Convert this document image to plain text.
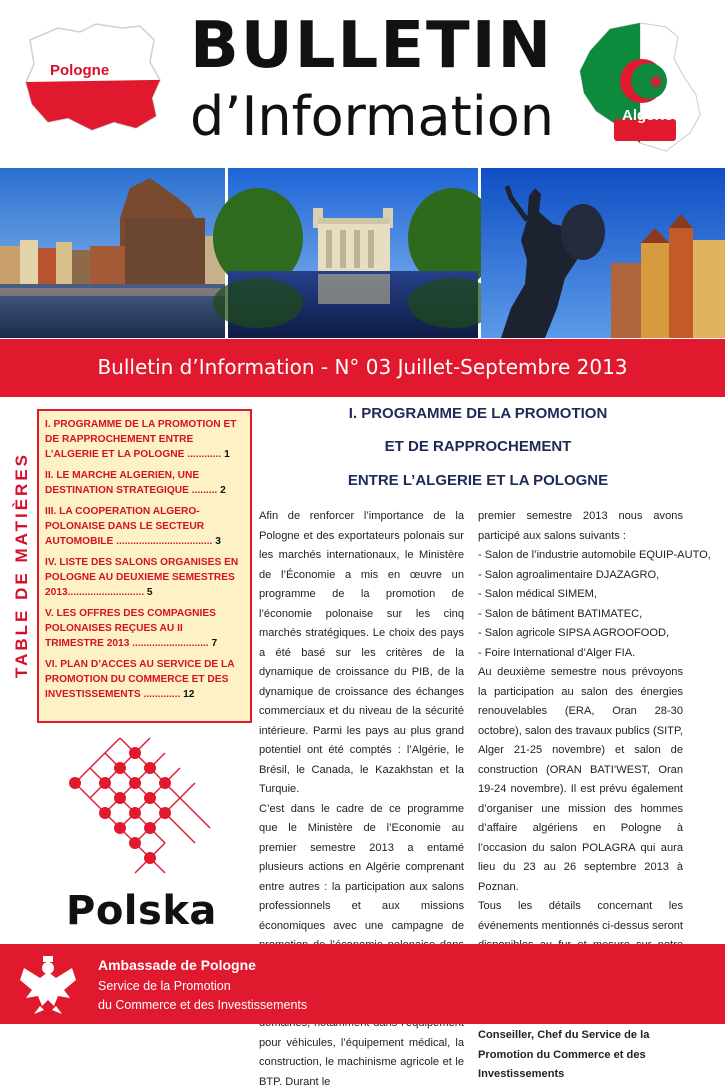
Pologne BULLETIN
d’Information	Algérie
Bulletin d’Information - N° 03 Juillet-Septembre 2013
TABLE DE MATIÈRES
I. PROGRAMME DE LA PROMOTION ET DE RAPPROCHEMENT ENTRE L’ALGERIE ET LA POLOGNE ............ 1
II. LE MARCHE ALGERIEN, UNE DESTINATION STRATEGIQUE ......... 2
III. LA COOPERATION ALGERO-POLONAISE DANS LE SECTEUR AUTOMOBILE .................................. 3
IV. LISTE DES SALONS ORGANISES EN POLOGNE AU DEUXIEME SEMESTRES 2013........................... 5
V. LES OFFRES DES COMPAGNIES POLONAISES REÇUES AU II TRIMESTRE 2013 ........................... 7
VI. PLAN D’ACCES AU SERVICE DE LA PROMOTION DU COMMERCE ET DES INVESTISSEMENTS ............. 12
I. PROGRAMME DE LA PROMOTION
ET DE RAPPROCHEMENT
ENTRE L’ALGERIE ET LA POLOGNE

Afin de renforcer l’importance de la Pologne et des exportateurs polonais sur les marchés internationaux, le Ministère de l’Économie a mis en œuvre un programme de la promotion de l’économie polonaise sur les cinq marchés stratégiques. Le choix des pays a été basé sur les critères de la dynamique de croissance du PIB, de la dynamique de croissance des échanges commerciaux et du niveau de la sécurité intérieure. Parmi les pays au plus grand potentiel ont été comptés : l’Algérie, le Brésil, le Canada, le Kazakhstan et la Turquie.

C’est dans le cadre de ce programme que le Ministère de l’Economie au premier semestre 2013 a entamé plusieurs actions en Algérie comprenant entre autres : la participation aux salons professionnels et aux missions économiques avec une campagne de

pour véhicules, l’équipement médical, la construction, le machinisme agricole et le BTP. Durant le

premier semestre 2013 nous avons participé aux salons suivants :

- Salon de l’industrie automobile EQUIP-AUTO,
- Salon agroalimentaire DJAZAGRO,
- Salon médical SIMEM,
- Salon de bâtiment BATIMATEC,
- Salon agricole SIPSA AGROOFOOD,
- Foire International d’Alger FIA.

Au deuxième semestre nous prévoyons la participation au salon des énergies renouvelables (ERA, Oran 28-30 octobre), salon des travaux publics (SITP, Alger 21-25 novembre) et salon de construction (ORAN BATI’WEST, Oran 19-24 novembre). Il est prévu également d’organiser une mission des hommes d’affaire algériens en Pologne à l’occasion du salon POLAGRA qui aura lieu du 23 au 26 septembre 2013 à Poznan.

Tous les détails concernant les événements mentionnés ci-dessus seront

Conseiller, Chef du Service de la Promotion du Commerce et des Investissements

Polska
Ambassade de Pologne
Service de la Promotion
du Commerce et des Investissements
